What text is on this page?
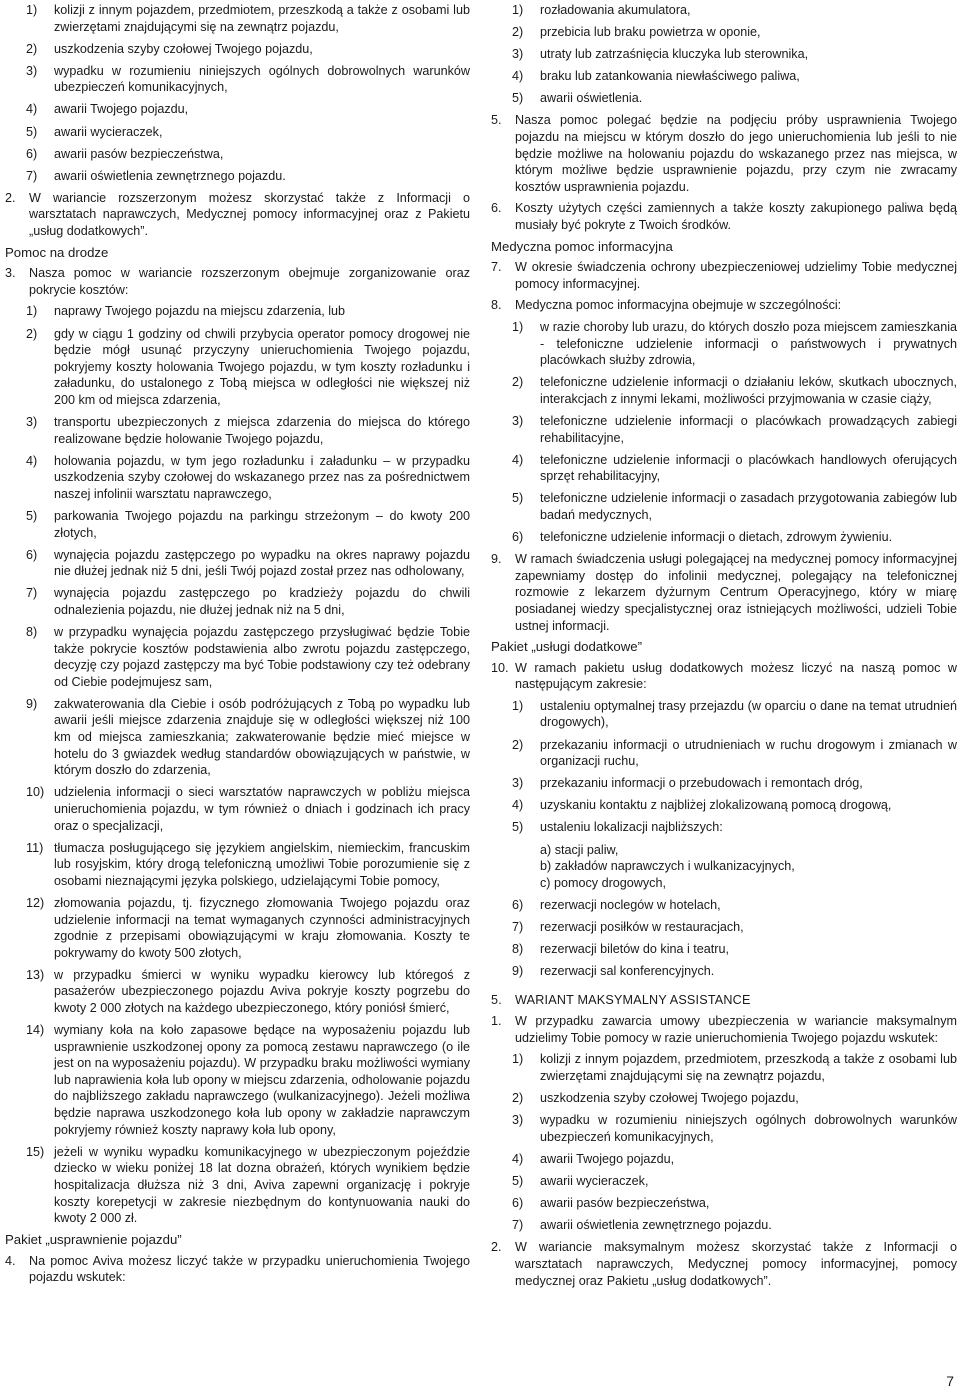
1) kolizji z innym pojazdem, przedmiotem, przeszkodą a także z osobami lub zwierzętami znajdującymi się na zewnątrz pojazdu,
2) uszkodzenia szyby czołowej Twojego pojazdu,
3) wypadku w rozumieniu niniejszych ogólnych dobrowolnych warunków ubezpieczeń komunikacyjnych,
4) awarii Twojego pojazdu,
5) awarii wycieraczek,
6) awarii pasów bezpieczeństwa,
7) awarii oświetlenia zewnętrznego pojazdu.
2. W wariancie rozszerzonym możesz skorzystać także z Informacji o warsztatach naprawczych, Medycznej pomocy informacyjnej oraz z Pakietu „usług dodatkowych”.
Pomoc na drodze
3. Nasza pomoc w wariancie rozszerzonym obejmuje zorganizowanie oraz pokrycie kosztów:
1) naprawy Twojego pojazdu na miejscu zdarzenia, lub
2) gdy w ciągu 1 godziny od chwili przybycia operator pomocy drogowej nie będzie mógł usunąć przyczyny unieruchomienia Twojego pojazdu, pokryjemy koszty holowania Twojego pojazdu, w tym koszty rozładunku i załadunku, do ustalonego z Tobą miejsca w odległości nie większej niż 200 km od miejsca zdarzenia,
3) transportu ubezpieczonych z miejsca zdarzenia do miejsca do którego realizowane będzie holowanie Twojego pojazdu,
4) holowania pojazdu, w tym jego rozładunku i załadunku – w przypadku uszkodzenia szyby czołowej do wskazanego przez nas za pośrednictwem naszej infolinii warsztatu naprawczego,
5) parkowania Twojego pojazdu na parkingu strzeżonym – do kwoty 200 złotych,
6) wynajęcia pojazdu zastępczego po wypadku na okres naprawy pojazdu nie dłużej jednak niż 5 dni, jeśli Twój pojazd został przez nas odholowany,
7) wynajęcia pojazdu zastępczego po kradzieży pojazdu do chwili odnalezienia pojazdu, nie dłużej jednak niż na 5 dni,
8) w przypadku wynajęcia pojazdu zastępczego przysługiwać będzie Tobie także pokrycie kosztów podstawienia albo zwrotu pojazdu zastępczego, decyzję czy pojazd zastępczy ma być Tobie podstawiony czy też odebrany od Ciebie podejmujesz sam,
9) zakwaterowania dla Ciebie i osób podróżujących z Tobą po wypadku lub awarii jeśli miejsce zdarzenia znajduje się w odległości większej niż 100 km od miejsca zamieszkania; zakwaterowanie będzie mieć miejsce w hotelu do 3 gwiazdek według standardów obowiązujących w państwie, w którym doszło do zdarzenia,
10) udzielenia informacji o sieci warsztatów naprawczych w pobliżu miejsca unieruchomienia pojazdu, w tym również o dniach i godzinach ich pracy oraz o specjalizacji,
11) tłumacza posługującego się językiem angielskim, niemieckim, francuskim lub rosyjskim, który drogą telefoniczną umożliwi Tobie porozumienie się z osobami nieznającymi języka polskiego, udzielającymi Tobie pomocy,
12) złomowania pojazdu, tj. fizycznego złomowania Twojego pojazdu oraz udzielenie informacji na temat wymaganych czynności administracyjnych zgodnie z przepisami obowiązującymi w kraju złomowania. Koszty te pokrywamy do kwoty 500 złotych,
13) w przypadku śmierci w wyniku wypadku kierowcy lub któregoś z pasażerów ubezpieczonego pojazdu Aviva pokryje koszty pogrzebu do kwoty 2 000 złotych na każdego ubezpieczonego, który poniósł śmierć,
14) wymiany koła na koło zapasowe będące na wyposażeniu pojazdu lub usprawnienie uszkodzonej opony za pomocą zestawu naprawczego (o ile jest on na wyposażeniu pojazdu). W przypadku braku możliwości wymiany lub naprawienia koła lub opony w miejscu zdarzenia, odholowanie pojazdu do najbliższego zakładu naprawczego (wulkanizacyjnego). Jeżeli możliwa będzie naprawa uszkodzonego koła lub opony w zakładzie naprawczym pokryjemy również koszty naprawy koła lub opony,
15) jeżeli w wyniku wypadku komunikacyjnego w ubezpieczonym pojeździe dziecko w wieku poniżej 18 lat dozna obrażeń, których wynikiem będzie hospitalizacja dłuższa niż 3 dni, Aviva zapewni organizację i pokryje koszty korepetycji w zakresie niezbędnym do kontynuowania nauki do kwoty 2 000 zł.
Pakiet „usprawnienie pojazdu”
4. Na pomoc Aviva możesz liczyć także w przypadku unieruchomienia Twojego pojazdu wskutek:
1) rozładowania akumulatora,
2) przebicia lub braku powietrza w oponie,
3) utraty lub zatrzaśnięcia kluczyka lub sterownika,
4) braku lub zatankowania niewłaściwego paliwa,
5) awarii oświetlenia.
5. Nasza pomoc polegać będzie na podjęciu próby usprawnienia Twojego pojazdu na miejscu w którym doszło do jego unieruchomienia lub jeśli to nie będzie możliwe na holowaniu pojazdu do wskazanego przez nas miejsca, w którym możliwe będzie usprawnienie pojazdu, przy czym nie zwracamy kosztów usprawnienia pojazdu.
6. Koszty użytych części zamiennych a także koszty zakupionego paliwa będą musiały być pokryte z Twoich środków.
Medyczna pomoc informacyjna
7. W okresie świadczenia ochrony ubezpieczeniowej udzielimy Tobie medycznej pomocy informacyjnej.
8. Medyczna pomoc informacyjna obejmuje w szczególności:
1) w razie choroby lub urazu, do których doszło poza miejscem zamieszkania - telefoniczne udzielenie informacji o państwowych i prywatnych placówkach służby zdrowia,
2) telefoniczne udzielenie informacji o działaniu leków, skutkach ubocznych, interakcjach z innymi lekami, możliwości przyjmowania w czasie ciąży,
3) telefoniczne udzielenie informacji o placówkach prowadzących zabiegi rehabilitacyjne,
4) telefoniczne udzielenie informacji o placówkach handlowych oferujących sprzęt rehabilitacyjny,
5) telefoniczne udzielenie informacji o zasadach przygotowania zabiegów lub badań medycznych,
6) telefoniczne udzielenie informacji o dietach, zdrowym żywieniu.
9. W ramach świadczenia usługi polegającej na medycznej pomocy informacyjnej zapewniamy dostęp do infolinii medycznej, polegający na telefonicznej rozmowie z lekarzem dyżurnym Centrum Operacyjnego, który w miarę posiadanej wiedzy specjalistycznej oraz istniejących możliwości, udzieli Tobie ustnej informacji.
Pakiet „usługi dodatkowe”
10. W ramach pakietu usług dodatkowych możesz liczyć na naszą pomoc w następującym zakresie:
1) ustaleniu optymalnej trasy przejazdu (w oparciu o dane na temat utrudnień drogowych),
2) przekazaniu informacji o utrudnieniach w ruchu drogowym i zmianach w organizacji ruchu,
3) przekazaniu informacji o przebudowach i remontach dróg,
4) uzyskaniu kontaktu z najbliżej zlokalizowaną pomocą drogową,
5) ustaleniu lokalizacji najbliższych:
a) stacji paliw,
b) zakładów naprawczych i wulkanizacyjnych,
c) pomocy drogowych,
6) rezerwacji noclegów w hotelach,
7) rezerwacji posiłków w restauracjach,
8) rezerwacji biletów do kina i teatru,
9) rezerwacji sal konferencyjnych.
5. WARIANT MAKSYMALNY ASSISTANCE
1. W przypadku zawarcia umowy ubezpieczenia w wariancie maksymalnym udzielimy Tobie pomocy w razie unieruchomienia Twojego pojazdu wskutek:
1) kolizji z innym pojazdem, przedmiotem, przeszkodą a także z osobami lub zwierzętami znajdującymi się na zewnątrz pojazdu,
2) uszkodzenia szyby czołowej Twojego pojazdu,
3) wypadku w rozumieniu niniejszych ogólnych dobrowolnych warunków ubezpieczeń komunikacyjnych,
4) awarii Twojego pojazdu,
5) awarii wycieraczek,
6) awarii pasów bezpieczeństwa,
7) awarii oświetlenia zewnętrznego pojazdu.
2. W wariancie maksymalnym możesz skorzystać także z Informacji o warsztatach naprawczych, Medycznej pomocy informacyjnej, pomocy medycznej oraz Pakietu „usług dodatkowych”.
7
